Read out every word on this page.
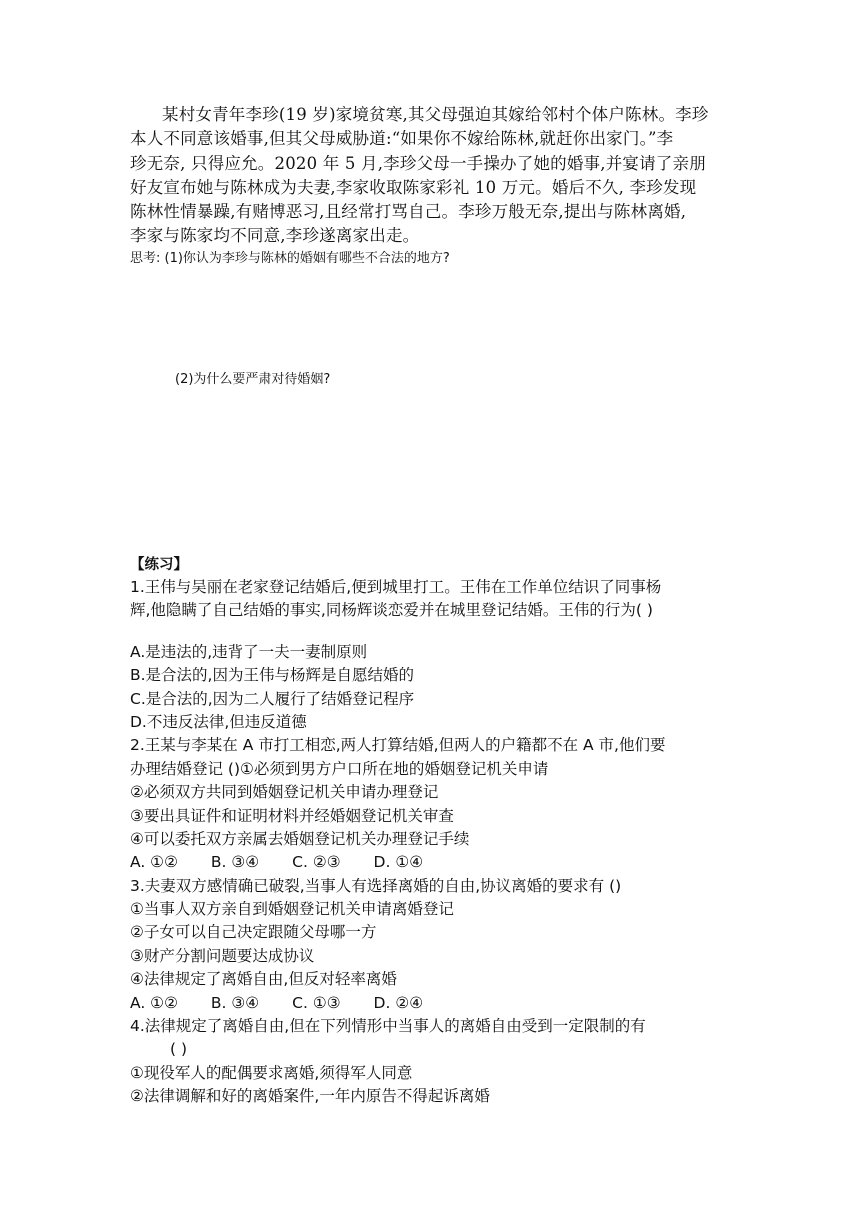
某村女青年李珍(19 岁)家境贫寒,其父母强迫其嫁给邻村个体户陈林。李珍
本人不同意该婚事,但其父母威胁道:“如果你不嫁给陈林,就赶你出家门。”李
珍无奈, 只得应允。2020 年 5 月,李珍父母一手操办了她的婚事,并宴请了亲朋
好友宣布她与陈林成为夫妻,李家收取陈家彩礼 10 万元。婚后不久, 李珍发现
陈林性情暴躁,有赌博恶习,且经常打骂自己。李珍万般无奈,提出与陈林离婚,
李家与陈家均不同意,李珍遂离家出走。
思考: (1)你认为李珍与陈林的婚姻有哪些不合法的地方?
(2)为什么要严肃对待婚姻?
【练习】
1.王伟与吴丽在老家登记结婚后,便到城里打工。王伟在工作单位结识了同事杨
辉,他隐瞒了自己结婚的事实,同杨辉谈恋爱并在城里登记结婚。王伟的行为( )
A.是违法的,违背了一夫一妻制原则
B.是合法的,因为王伟与杨辉是自愿结婚的
C.是合法的,因为二人履行了结婚登记程序
D.不违反法律,但违反道德
2.王某与李某在 A 市打工相恋,两人打算结婚,但两人的户籍都不在 A 市,他们要
办理结婚登记 ()①必须到男方户口所在地的婚姻登记机关申请
②必须双方共同到婚姻登记机关申请办理登记
③要出具证件和证明材料并经婚姻登记机关审查
④可以委托双方亲属去婚姻登记机关办理登记手续
A. ①② B. ③④ C. ②③ D. ①④
3.夫妻双方感情确已破裂,当事人有选择离婚的自由,协议离婚的要求有 ()
①当事人双方亲自到婚姻登记机关申请离婚登记
②子女可以自己决定跟随父母哪一方
③财产分割问题要达成协议
④法律规定了离婚自由,但反对轻率离婚
A. ①② B. ③④ C. ①③ D. ②④
4.法律规定了离婚自由,但在下列情形中当事人的离婚自由受到一定限制的有
( )
①现役军人的配偶要求离婚,须得军人同意
②法律调解和好的离婚案件,一年内原告不得起诉离婚
